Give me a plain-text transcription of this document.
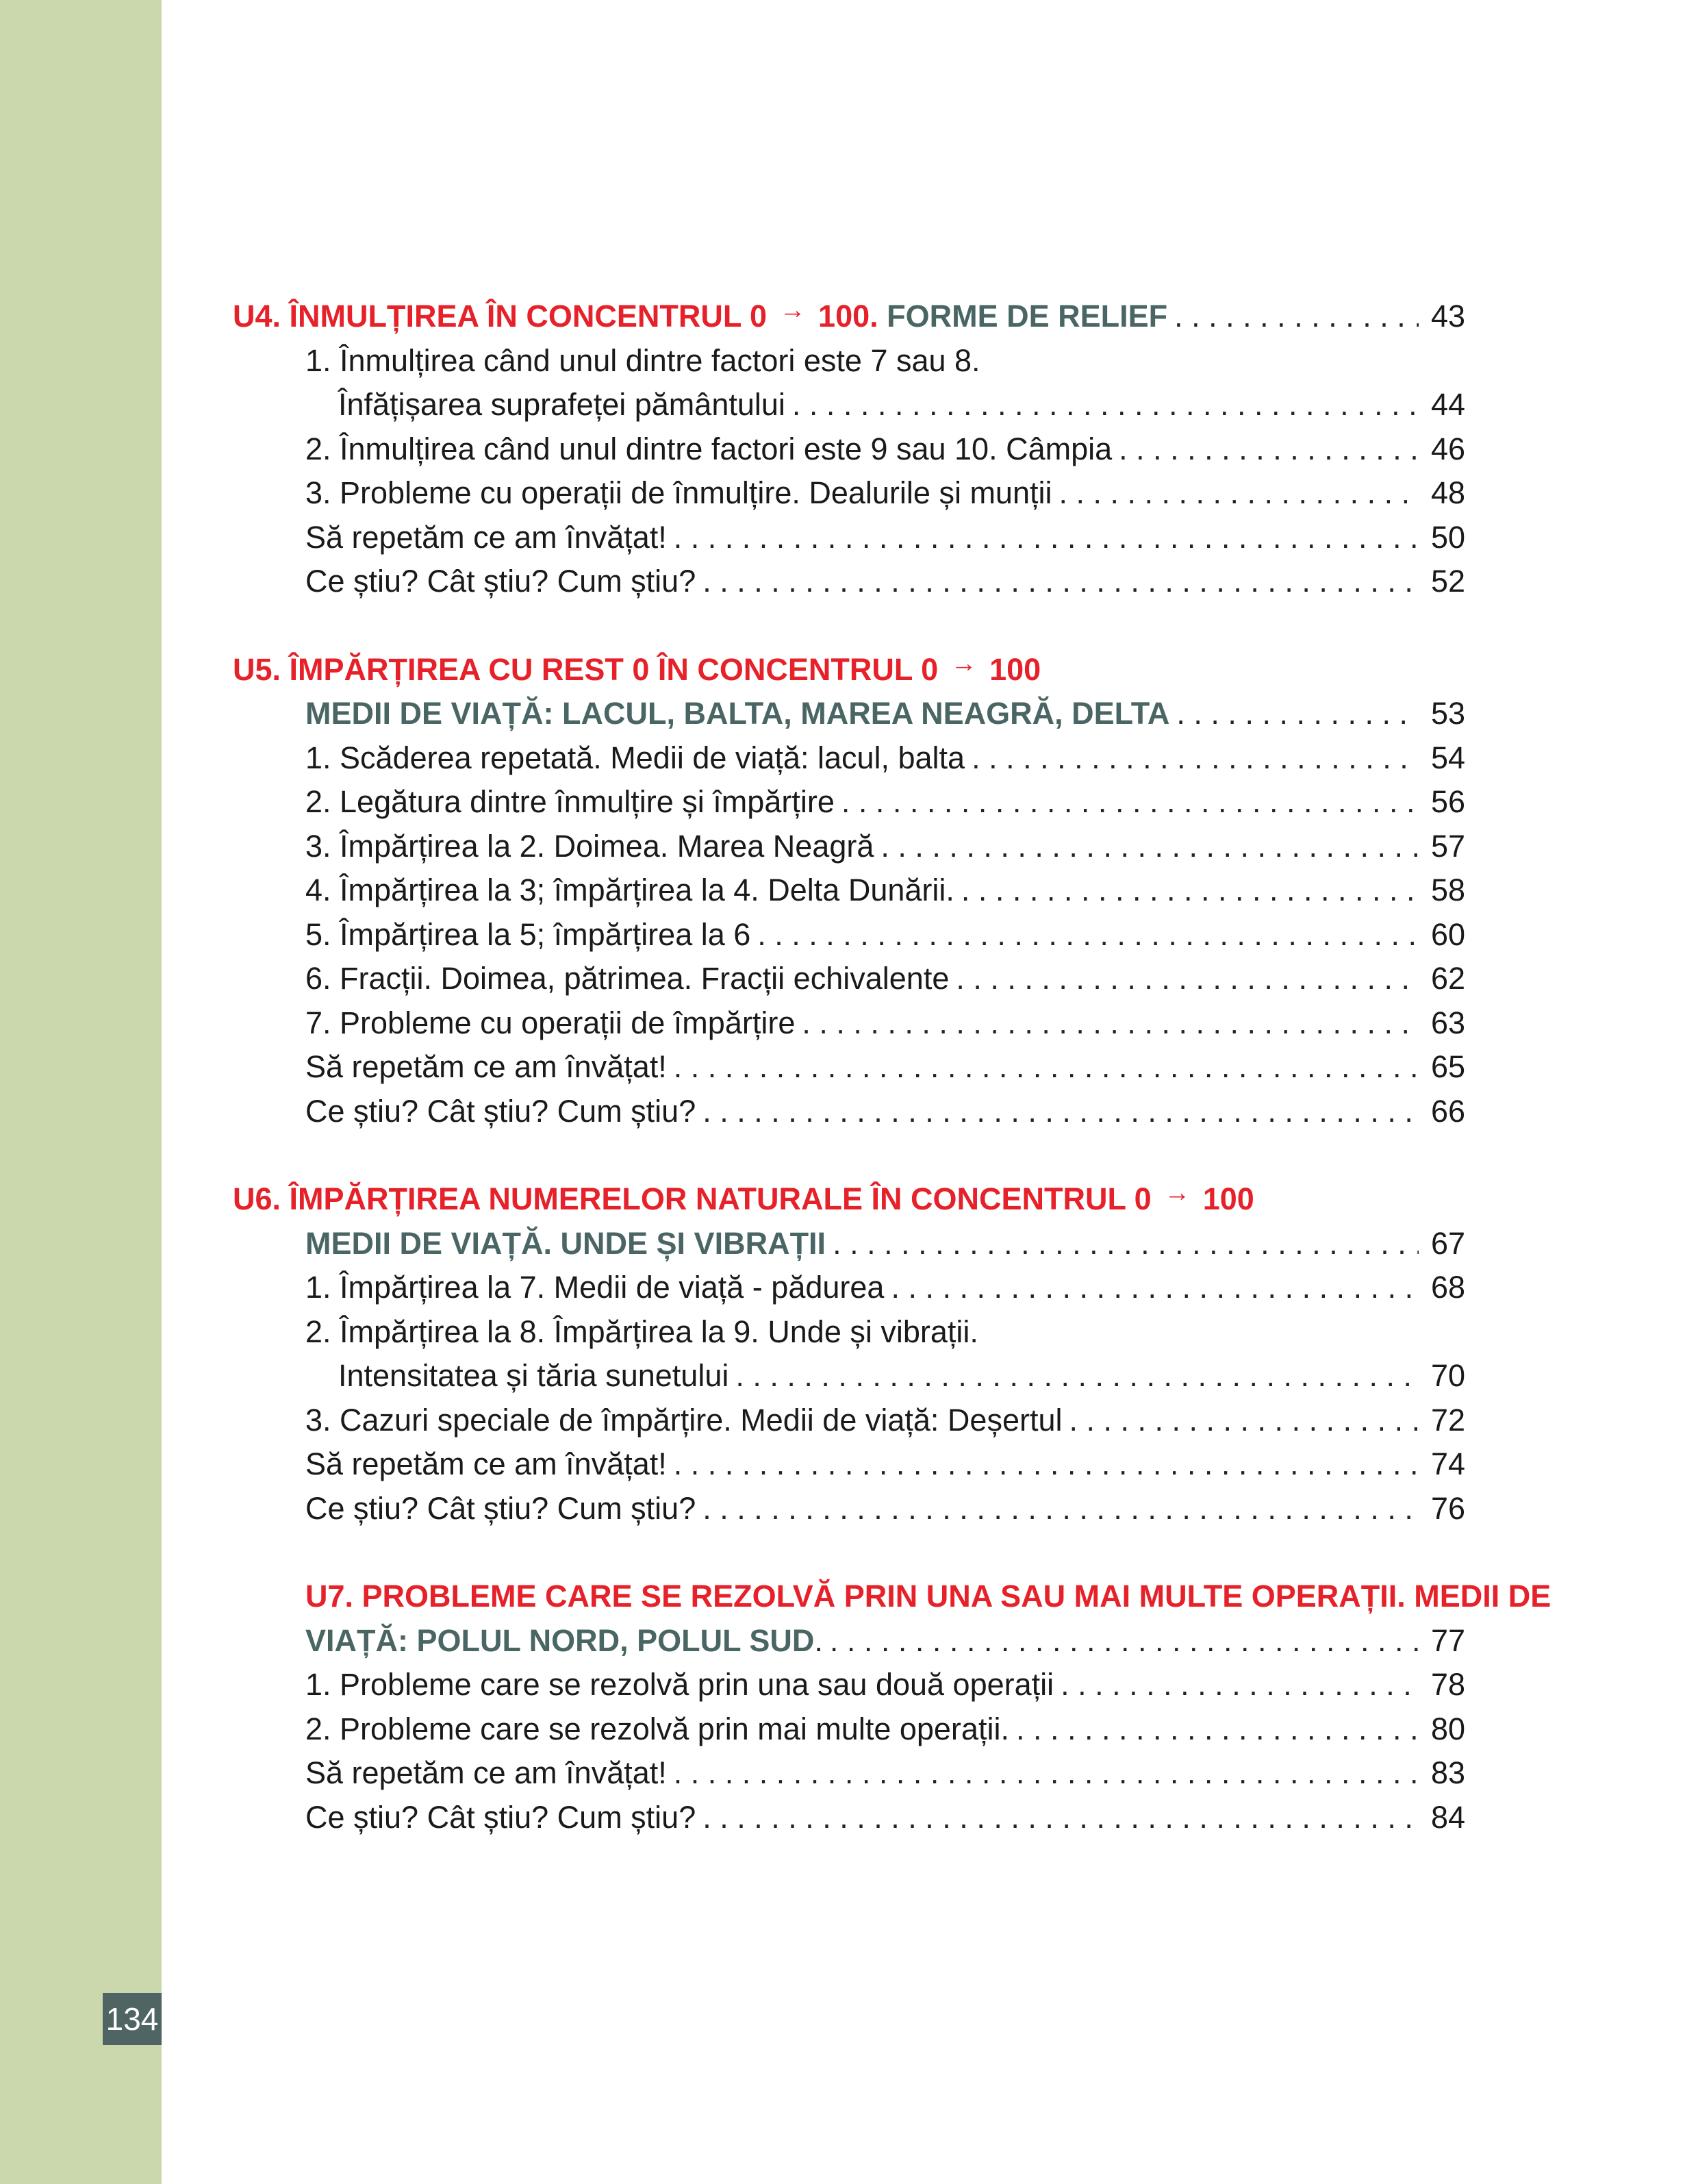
134
U4. ÎNMULȚIREA ÎN CONCENTRUL 0 → 100. FORME DE RELIEF . . .	43
1. Înmulțirea când unul dintre factori este 7 sau 8.
Înfățișarea suprafeței pământului . . .	44
2. Înmulțirea când unul dintre factori este 9 sau 10. Câmpia . . .	46
3. Probleme cu operații de înmulțire. Dealurile și munții . . .	48
Să repetăm ce am învățat! . . .	50
Ce știu? Cât știu? Cum știu? . . .	52
U5. ÎMPĂRȚIREA CU REST 0 ÎN CONCENTRUL 0 → 100
MEDII DE VIAȚĂ: LACUL, BALTA, MAREA NEAGRĂ, DELTA . . .	53
1. Scăderea repetată. Medii de viață: lacul, balta . . .	54
2. Legătura dintre înmulțire și împărțire . . .	56
3. Împărțirea la 2. Doimea. Marea Neagră . . .	57
4. Împărțirea la 3; împărțirea la 4. Delta Dunării. . . .	58
5. Împărțirea la 5; împărțirea la 6 . . .	60
6. Fracții. Doimea, pătrimea. Fracții echivalente . . .	62
7. Probleme cu operații de împărțire . . .	63
Să repetăm ce am învățat! . . .	65
Ce știu? Cât știu? Cum știu? . . .	66
U6. ÎMPĂRȚIREA NUMERELOR NATURALE ÎN CONCENTRUL 0 → 100
MEDII DE VIAȚĂ. UNDE ȘI VIBRAȚII . . .	67
1. Împărțirea la 7. Medii de viață - pădurea . . .	68
2. Împărțirea la 8. Împărțirea la 9. Unde și vibrații.
Intensitatea și tăria sunetului . . .	70
3. Cazuri speciale de împărțire. Medii de viață: Deșertul . . .	72
Să repetăm ce am învățat! . . .	74
Ce știu? Cât știu? Cum știu? . . .	76
U7. PROBLEME CARE SE REZOLVĂ PRIN UNA SAU MAI MULTE OPERAȚII. MEDII DE
VIAȚĂ: POLUL NORD, POLUL SUD. . . .	77
1. Probleme care se rezolvă prin una sau două operații . . .	78
2. Probleme care se rezolvă prin mai multe operații. . . .	80
Să repetăm ce am învățat! . . .	83
Ce știu? Cât știu? Cum știu? . . .	84
